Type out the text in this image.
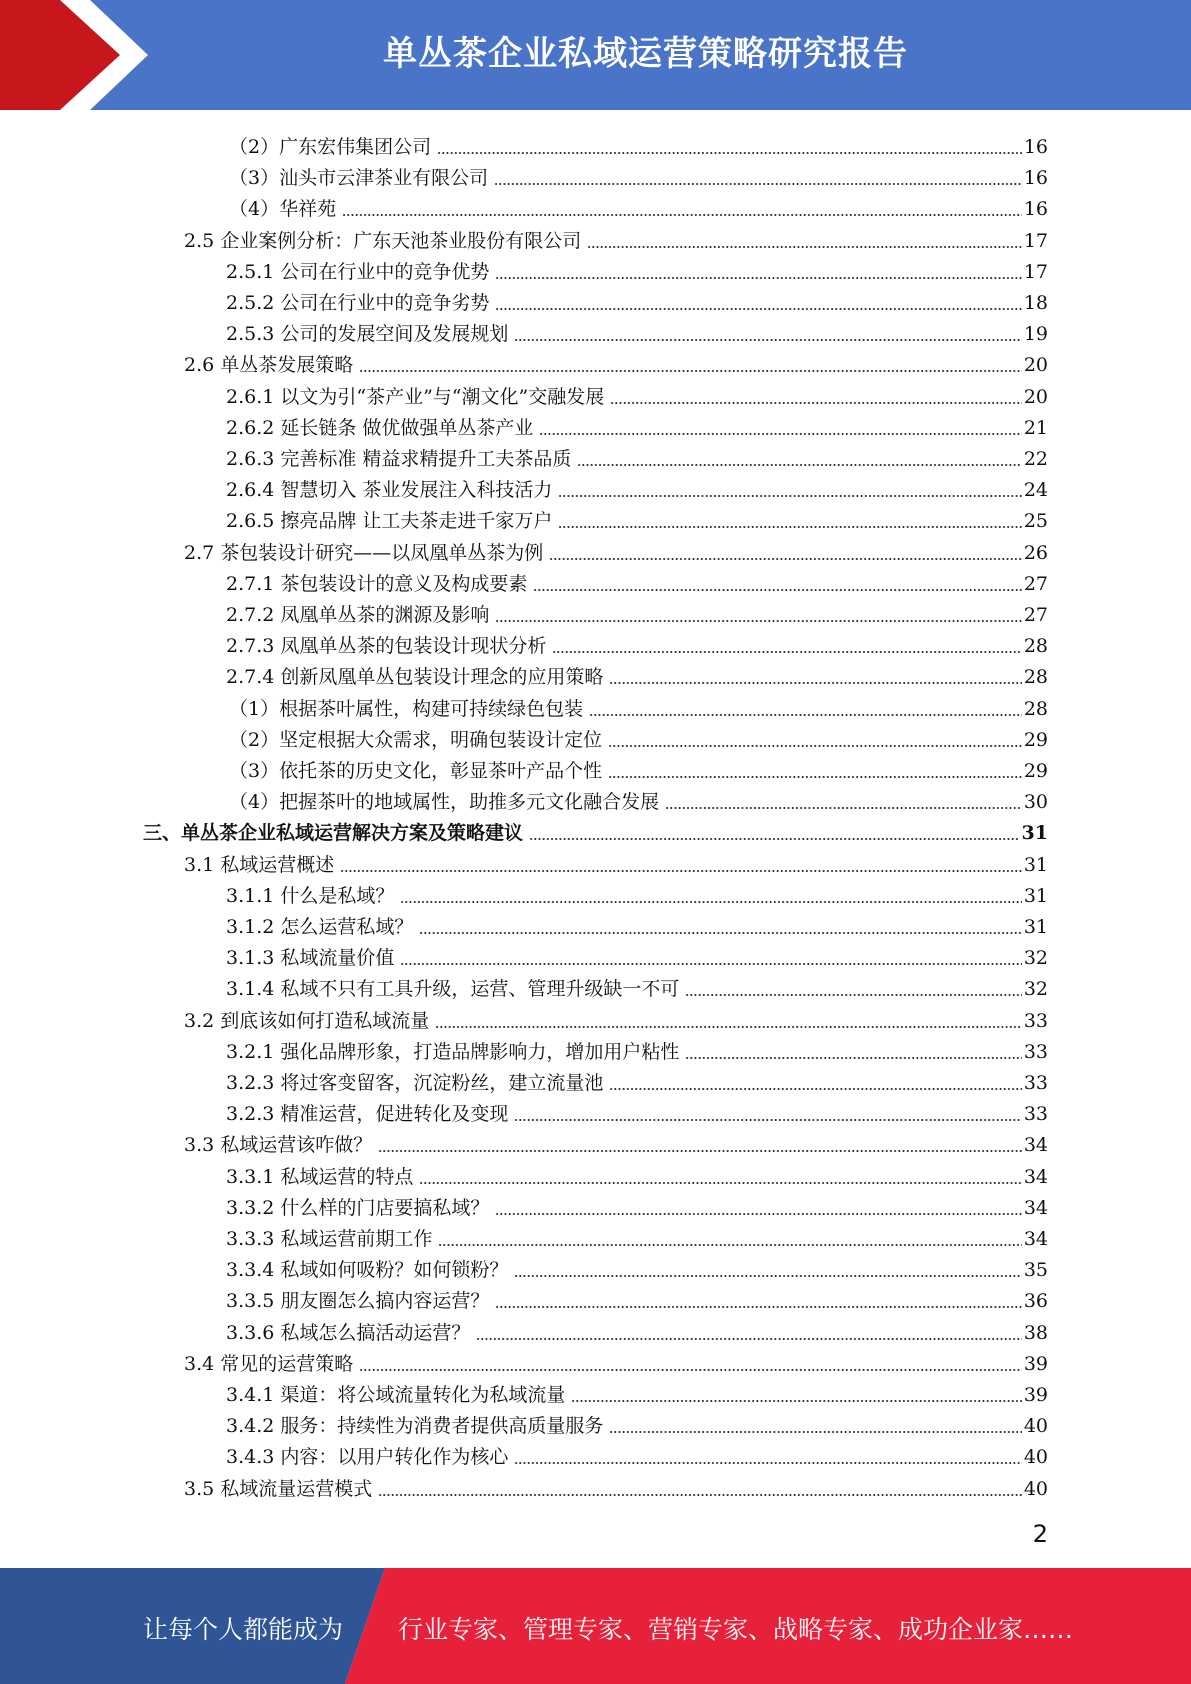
单丛茶企业私域运营策略研究报告
（2）广东宏伟集团公司	16
（3）汕头市云津茶业有限公司	16
（4）华祥苑	16
2.5 企业案例分析：广东天池茶业股份有限公司	17
2.5.1 公司在行业中的竞争优势	17
2.5.2 公司在行业中的竞争劣势	18
2.5.3 公司的发展空间及发展规划	19
2.6 单丛茶发展策略	20
2.6.1 以文为引“茶产业”与“潮文化”交融发展	20
2.6.2 延长链条 做优做强单丛茶产业	21
2.6.3 完善标准 精益求精提升工夫茶品质	22
2.6.4 智慧切入 茶业发展注入科技活力	24
2.6.5 擦亮品牌 让工夫茶走进千家万户	25
2.7 茶包装设计研究——以凤凰单丛茶为例	26
2.7.1 茶包装设计的意义及构成要素	27
2.7.2 凤凰单丛茶的渊源及影响	27
2.7.3 凤凰单丛茶的包装设计现状分析	28
2.7.4 创新凤凰单丛包装设计理念的应用策略	28
（1）根据茶叶属性，构建可持续绿色包装	28
（2）坚定根据大众需求，明确包装设计定位	29
（3）依托茶的历史文化，彰显茶叶产品个性	29
（4）把握茶叶的地域属性，助推多元文化融合发展	30
三、单丛茶企业私域运营解决方案及策略建议	31
3.1 私域运营概述	31
3.1.1 什么是私域？	31
3.1.2 怎么运营私域？	31
3.1.3 私域流量价值	32
3.1.4 私域不只有工具升级，运营、管理升级缺一不可	32
3.2 到底该如何打造私域流量	33
3.2.1 强化品牌形象，打造品牌影响力，增加用户粘性	33
3.2.3 将过客变留客，沉淀粉丝，建立流量池	33
3.2.3 精准运营，促进转化及变现	33
3.3 私域运营该咋做？	34
3.3.1 私域运营的特点	34
3.3.2 什么样的门店要搞私域？	34
3.3.3 私域运营前期工作	34
3.3.4 私域如何吸粉？如何锁粉？	35
3.3.5 朋友圈怎么搞内容运营？	36
3.3.6 私域怎么搞活动运营？	38
3.4 常见的运营策略	39
3.4.1 渠道：将公域流量转化为私域流量	39
3.4.2 服务：持续性为消费者提供高质量服务	40
3.4.3 内容：以用户转化作为核心	40
3.5 私域流量运营模式	40
2
让每个人都能成为 行业专家、管理专家、营销专家、战略专家、成功企业家……
